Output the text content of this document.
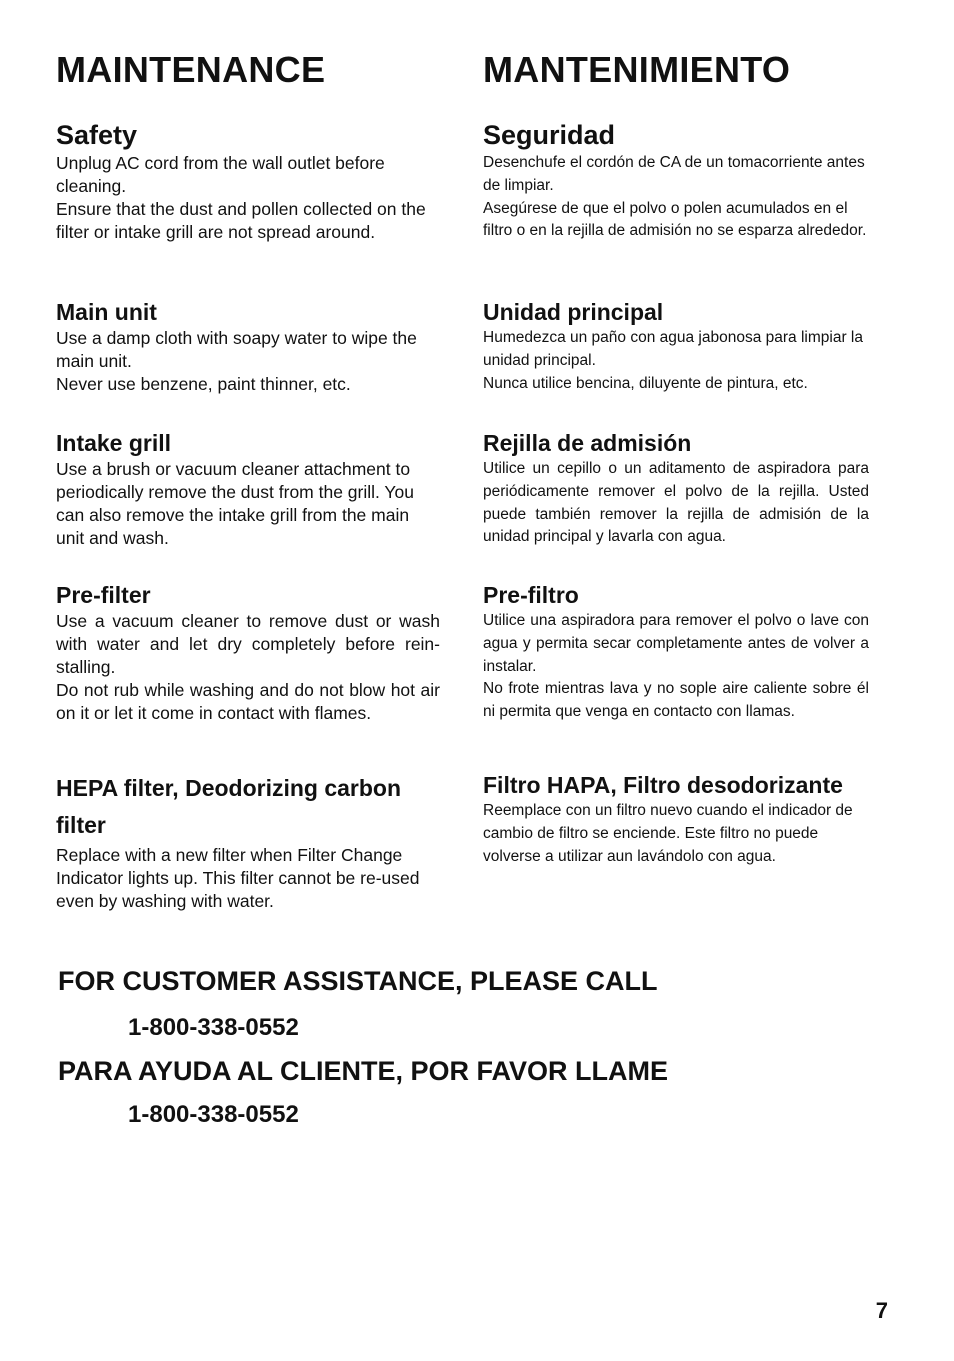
MAINTENANCE
Safety

Unplug AC cord from the wall outlet before cleaning.

Ensure that the dust and pollen collected on the filter or intake grill are not spread around.

Main unit

Use a damp cloth with soapy water to wipe the main unit.

Never use benzene, paint thinner, etc.

Intake grill

Use a brush or vacuum cleaner attachment to periodically remove the dust from the grill. You can also remove the intake grill from the main unit and wash.

Pre-filter

Use a vacuum cleaner to remove dust or wash with water and let dry completely before rein-stalling.

Do not rub while washing and do not blow hot air on it or let it come in contact with flames.

HEPA filter, Deodorizing carbon filter

Replace with a new filter when Filter Change Indicator lights up. This filter cannot be re-used even by washing with water.

MANTENIMIENTO
Seguridad

Desenchufe el cordón de CA de un tomacorriente antes de limpiar.

Asegúrese de que el polvo o polen acumulados en el filtro o en la rejilla de admisión no se esparza alrededor.

Unidad principal

Humedezca un paño con agua jabonosa para limpiar la unidad principal.

Nunca utilice bencina, diluyente de pintura, etc.

Rejilla de admisión

Utilice un cepillo o un aditamento de aspiradora para periódicamente remover el polvo de la rejilla. Usted puede también remover la rejilla de admisión de la unidad principal y lavarla con agua.

Pre-filtro

Utilice una aspiradora para remover el polvo o lave con agua y permita secar completamente antes de volver a instalar.

No frote mientras lava y no sople aire caliente sobre él ni permita que venga en contacto con llamas.

Filtro HAPA, Filtro desodorizante

Reemplace con un filtro nuevo cuando el indicador de cambio de filtro se enciende. Este filtro no puede volverse a utilizar aun lavándolo con agua.

FOR CUSTOMER ASSISTANCE, PLEASE CALL

1-800-338-0552

PARA AYUDA AL CLIENTE, POR FAVOR LLAME

1-800-338-0552

7
